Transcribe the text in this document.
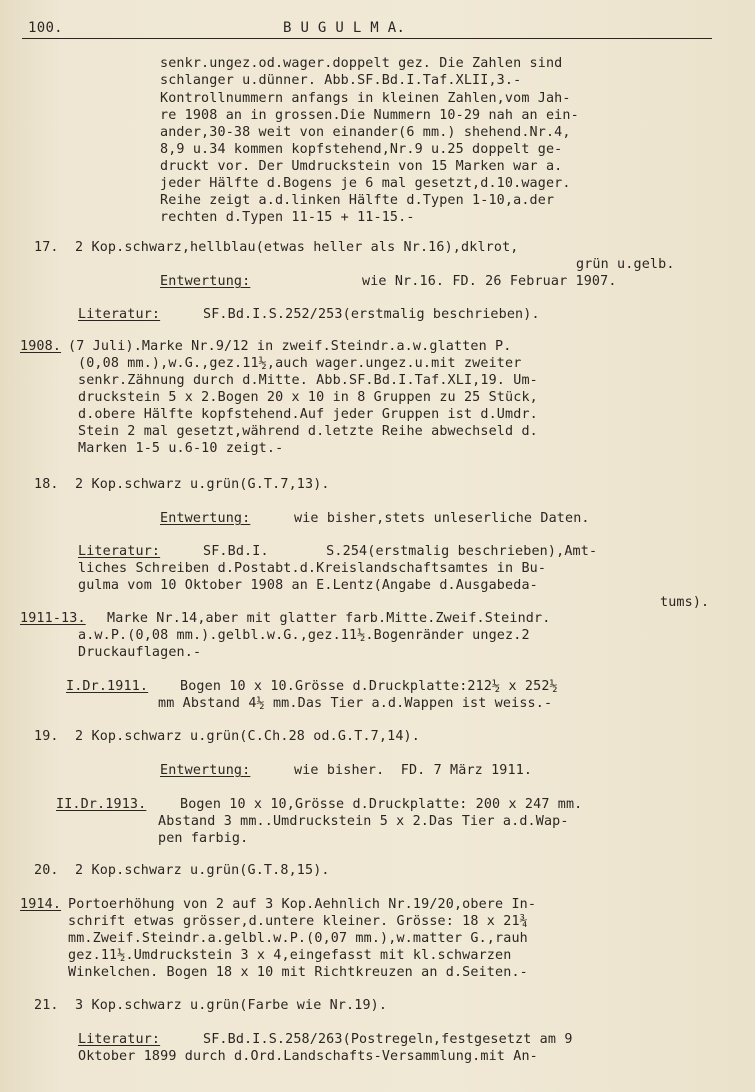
100.	B U G U L M A.
senkr.ungez.od.wager.doppelt gez. Die Zahlen sind
schlanger u.dünner. Abb.SF.Bd.I.Taf.XLII,3.-
Kontrollnummern anfangs in kleinen Zahlen,vom Jah-
re 1908 an in grossen.Die Nummern 10-29 nah an ein-
ander,30-38 weit von einander(6 mm.) shehend.Nr.4,
8,9 u.34 kommen kopfstehend,Nr.9 u.25 doppelt ge-
druckt vor. Der Umdruckstein von 15 Marken war a.
jeder Hälfte d.Bogens je 6 mal gesetzt,d.10.wager.
Reihe zeigt a.d.linken Hälfte d.Typen 1-10,a.der
rechten d.Typen 11-15 + 11-15.-
17.  2 Kop.schwarz,hellblau(etwas heller als Nr.16),dklrot,
grün u.gelb.
Entwertung:	wie Nr.16. FD. 26 Februar 1907.
Literatur:	SF.Bd.I.S.252/253(erstmalig beschrieben).
1908. (7 Juli).Marke Nr.9/12 in zweif.Steindr.a.w.glatten P.
(0,08 mm.),w.G.,gez.11½,auch wager.ungez.u.mit zweiter
senkr.Zähnung durch d.Mitte. Abb.SF.Bd.I.Taf.XLI,19. Um-
druckstein 5 x 2.Bogen 20 x 10 in 8 Gruppen zu 25 Stück,
d.obere Hälfte kopfstehend.Auf jeder Gruppen ist d.Umdr.
Stein 2 mal gesetzt,während d.letzte Reihe abwechseld d.
Marken 1-5 u.6-10 zeigt.-
18.  2 Kop.schwarz u.grün(G.T.7,13).
Entwertung:	wie bisher,stets unleserliche Daten.
Literatur:	SF.Bd.I.       S.254(erstmalig beschrieben),Amt-
liches Schreiben d.Postabt.d.Kreislandschaftsamtes in Bu-
gulma vom 10 Oktober 1908 an E.Lentz(Angabe d.Ausgabeda-
tums).
1911-13. Marke Nr.14,aber mit glatter farb.Mitte.Zweif.Steindr.
a.w.P.(0,08 mm.).gelbl.w.G.,gez.11½.Bogenränder ungez.2
Druckauflagen.-
I.Dr.1911. Bogen 10 x 10.Grösse d.Druckplatte:212½ x 252½
mm Abstand 4½ mm.Das Tier a.d.Wappen ist weiss.-
19.  2 Kop.schwarz u.grün(C.Ch.28 od.G.T.7,14).
Entwertung:	wie bisher.  FD. 7 März 1911.
II.Dr.1913.	Bogen 10 x 10,Grösse d.Druckplatte: 200 x 247 mm.
Abstand 3 mm..Umdruckstein 5 x 2.Das Tier a.d.Wap-
pen farbig.
20.  2 Kop.schwarz u.grün(G.T.8,15).
1914. Portoerhöhung von 2 auf 3 Kop.Aehnlich Nr.19/20,obere In-
schrift etwas grösser,d.untere kleiner. Grösse: 18 x 21¾
mm.Zweif.Steindr.a.gelbl.w.P.(0,07 mm.),w.matter G.,rauh
gez.11½.Umdruckstein 3 x 4,eingefasst mit kl.schwarzen
Winkelchen. Bogen 18 x 10 mit Richtkreuzen an d.Seiten.-
21.  3 Kop.schwarz u.grün(Farbe wie Nr.19).
Literatur:	SF.Bd.I.S.258/263(Postregeln,festgesetzt am 9
Oktober 1899 durch d.Ord.Landschafts-Versammlung.mit An-
